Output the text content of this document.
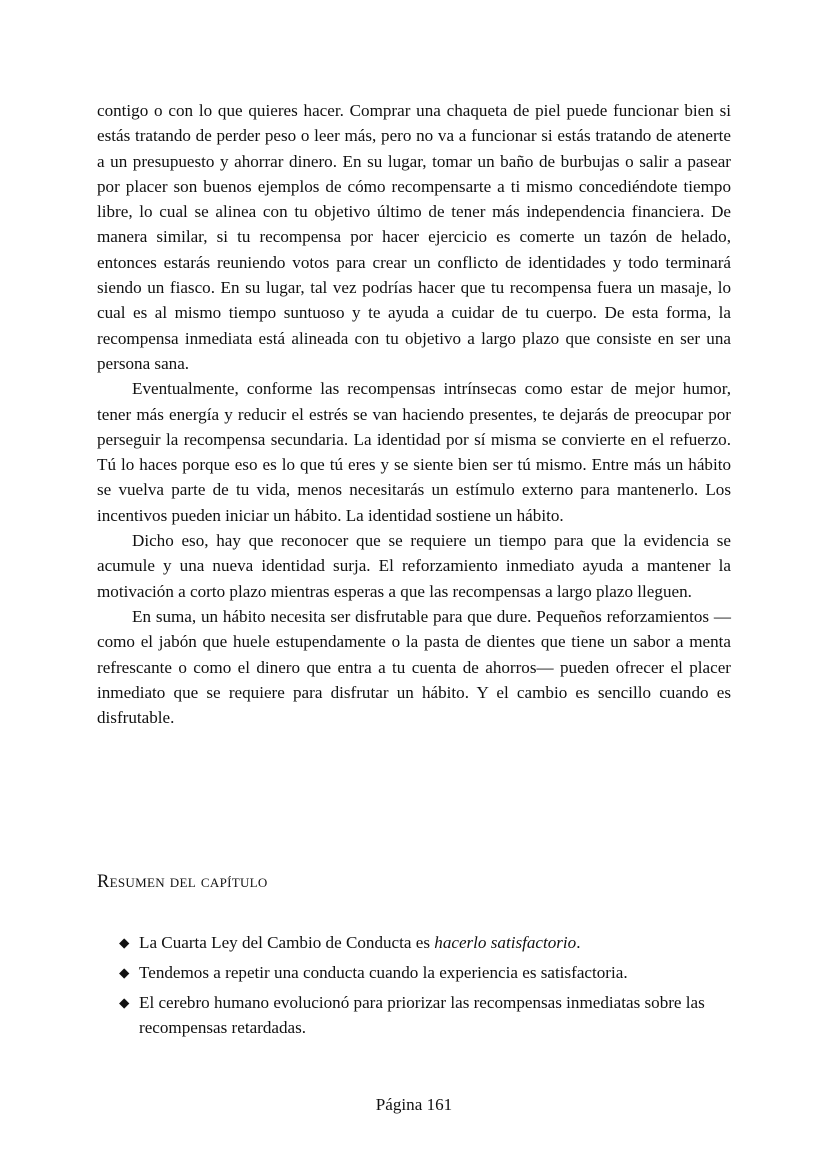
contigo o con lo que quieres hacer. Comprar una chaqueta de piel puede funcionar bien si estás tratando de perder peso o leer más, pero no va a funcionar si estás tratando de atenerte a un presupuesto y ahorrar dinero. En su lugar, tomar un baño de burbujas o salir a pasear por placer son buenos ejemplos de cómo recompensarte a ti mismo concediéndote tiempo libre, lo cual se alinea con tu objetivo último de tener más independencia financiera. De manera similar, si tu recompensa por hacer ejercicio es comerte un tazón de helado, entonces estarás reuniendo votos para crear un conflicto de identidades y todo terminará siendo un fiasco. En su lugar, tal vez podrías hacer que tu recompensa fuera un masaje, lo cual es al mismo tiempo suntuoso y te ayuda a cuidar de tu cuerpo. De esta forma, la recompensa inmediata está alineada con tu objetivo a largo plazo que consiste en ser una persona sana.

Eventualmente, conforme las recompensas intrínsecas como estar de mejor humor, tener más energía y reducir el estrés se van haciendo presentes, te dejarás de preocupar por perseguir la recompensa secundaria. La identidad por sí misma se convierte en el refuerzo. Tú lo haces porque eso es lo que tú eres y se siente bien ser tú mismo. Entre más un hábito se vuelva parte de tu vida, menos necesitarás un estímulo externo para mantenerlo. Los incentivos pueden iniciar un hábito. La identidad sostiene un hábito.

Dicho eso, hay que reconocer que se requiere un tiempo para que la evidencia se acumule y una nueva identidad surja. El reforzamiento inmediato ayuda a mantener la motivación a corto plazo mientras esperas a que las recompensas a largo plazo lleguen.

En suma, un hábito necesita ser disfrutable para que dure. Pequeños reforzamientos —como el jabón que huele estupendamente o la pasta de dientes que tiene un sabor a menta refrescante o como el dinero que entra a tu cuenta de ahorros— pueden ofrecer el placer inmediato que se requiere para disfrutar un hábito. Y el cambio es sencillo cuando es disfrutable.

Resumen del capítulo
◆ La Cuarta Ley del Cambio de Conducta es hacerlo satisfactorio.
◆ Tendemos a repetir una conducta cuando la experiencia es satisfactoria.
◆ El cerebro humano evolucionó para priorizar las recompensas inmediatas sobre las recompensas retardadas.
Página 161
